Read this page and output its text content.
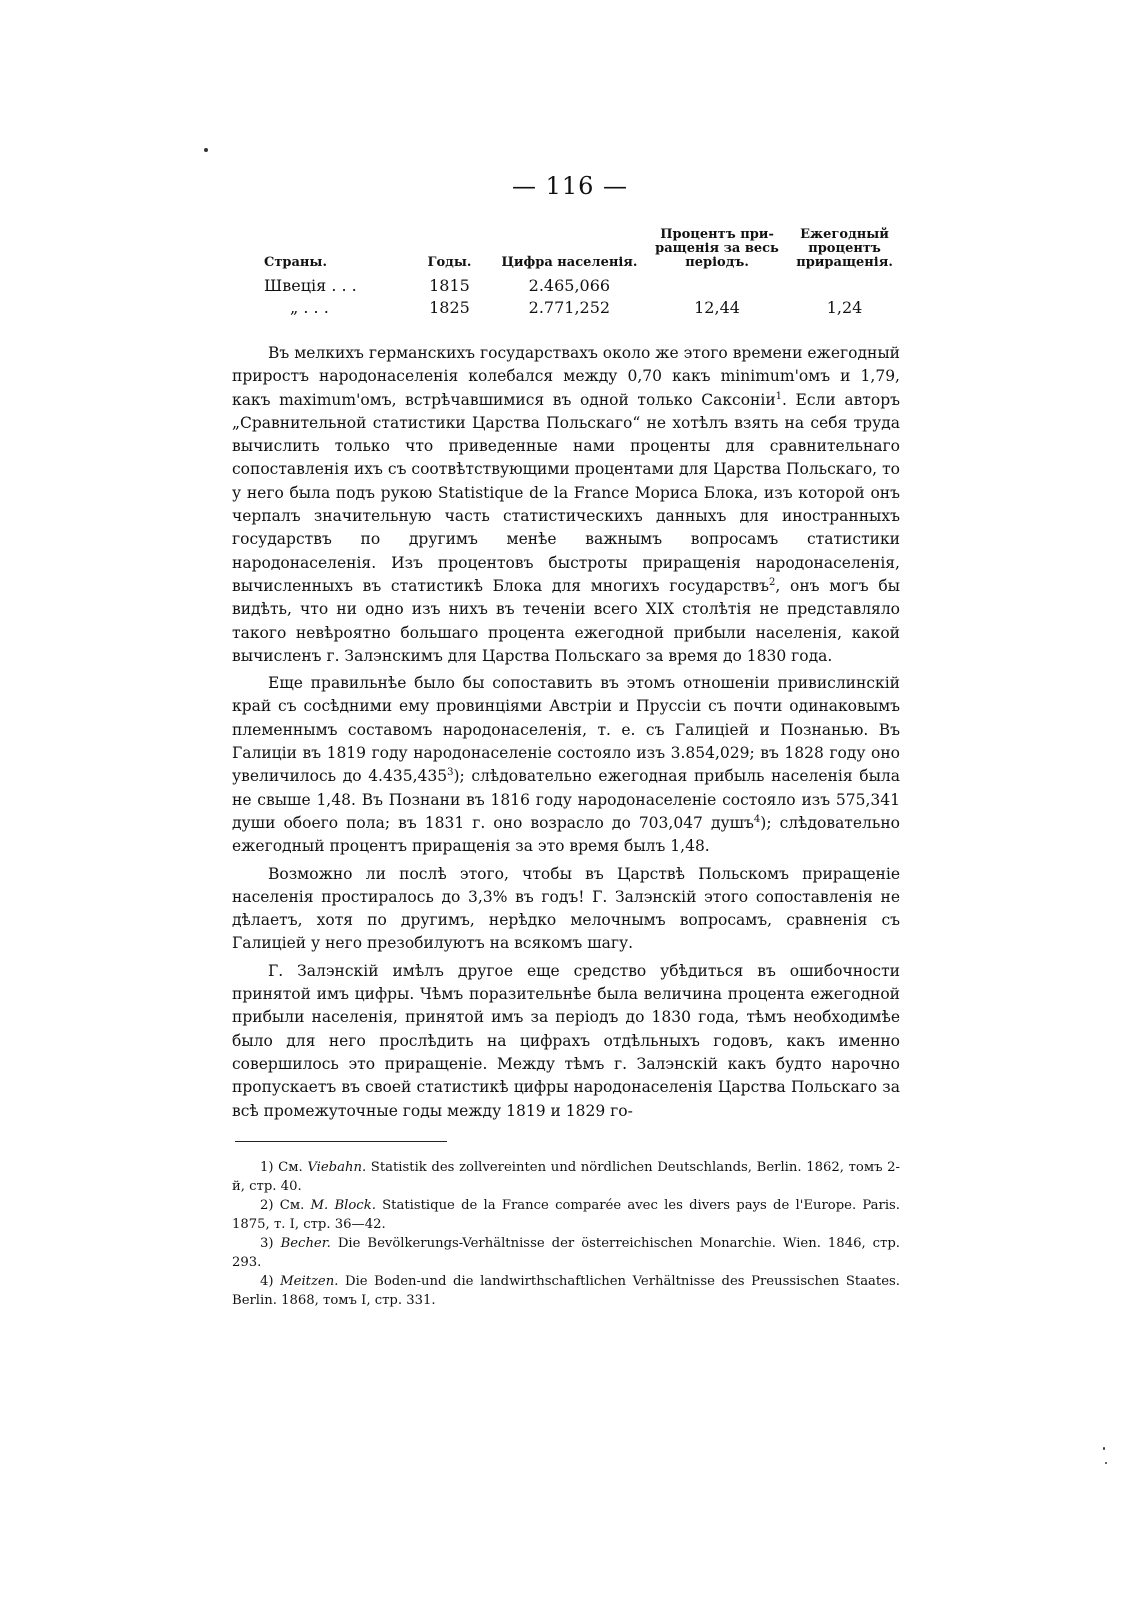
— 116 —
Страны.	Годы.	Цифра населенія.	Процентъ при-ращенія за весь періодъ.	Ежегодный процентъ приращенія.
Швеція . . .	1815	2.465,066		
„ . . .	1825	2.771,252	12,44	1,24

Въ мелкихъ германскихъ государствахъ около же этого времени ежегодный приростъ народонаселенія колебался между 0,70 какъ minimum'омъ и 1,79, какъ maximum'омъ, встрѣчавшимися въ одной только Саксоніи$^1$. Если авторъ „Сравнительной статистики Царства Польскаго“ не хотѣлъ взять на себя труда вычислить только что приведенные нами проценты для сравнительнаго сопоставленія ихъ съ соотвѣтствующими процентами для Царства Польскаго, то у него была подъ рукою Statistique de la France Мориса Блока, изъ которой онъ черпалъ значительную часть статистическихъ данныхъ для иностранныхъ государствъ по другимъ менѣе важнымъ вопросамъ статистики народонаселенія. Изъ процентовъ быстроты приращенія народонаселенія, вычисленныхъ въ статистикѣ Блока для многихъ государствъ$^2$, онъ могъ бы видѣть, что ни одно изъ нихъ въ теченіи всего XIX столѣтія не представляло такого невѣроятно большаго процента ежегодной прибыли населенія, какой вычисленъ г. Залэнскимъ для Царства Польскаго за время до 1830 года.

Еще правильнѣе было бы сопоставить въ этомъ отношеніи привислинскій край съ сосѣдними ему провинціями Австріи и Пруссіи съ почти одинаковымъ племеннымъ составомъ народонаселенія, т. е. съ Галиціей и Познанью. Въ Галиціи въ 1819 году народонаселеніе состояло изъ 3.854,029; въ 1828 году оно увеличилось до 4.435,435$^3$); слѣдовательно ежегодная прибыль населенія была не свыше 1,48. Въ Познани въ 1816 году народонаселеніе состояло изъ 575,341 души обоего пола; въ 1831 г. оно возрасло до 703,047 душъ$^4$); слѣдовательно ежегодный процентъ приращенія за это время былъ 1,48.

Возможно ли послѣ этого, чтобы въ Царствѣ Польскомъ приращеніе населенія простиралось до 3,3% въ годъ! Г. Залэнскій этого сопоставленія не дѣлаетъ, хотя по другимъ, нерѣдко мелочнымъ вопросамъ, сравненія съ Галиціей у него презобилуютъ на всякомъ шагу.

Г. Залэнскій имѣлъ другое еще средство убѣдиться въ ошибочности принятой имъ цифры. Чѣмъ поразительнѣе была величина процента ежегодной прибыли населенія, принятой имъ за періодъ до 1830 года, тѣмъ необходимѣе было для него прослѣдить на цифрахъ отдѣльныхъ годовъ, какъ именно совершилось это приращеніе. Между тѣмъ г. Залэнскій какъ будто нарочно пропускаетъ въ своей статистикѣ цифры народонаселенія Царства Польскаго за всѣ промежуточные годы между 1819 и 1829 го-

1) См. Viebahn. Statistik des zollvereinten und nördlichen Deutschlands, Berlin. 1862, томъ 2-й, стр. 40.

2) См. M. Block. Statistique de la France comparée avec les divers pays de l'Europe. Paris. 1875, т. I, стр. 36—42.

3) Becher. Die Bevölkerungs-Verhältnisse der österreichischen Monarchie. Wien. 1846, стр. 293.

4) Meitzen. Die Boden-und die landwirthschaftlichen Verhältnisse des Preussischen Staates. Berlin. 1868, томъ I, стр. 331.
